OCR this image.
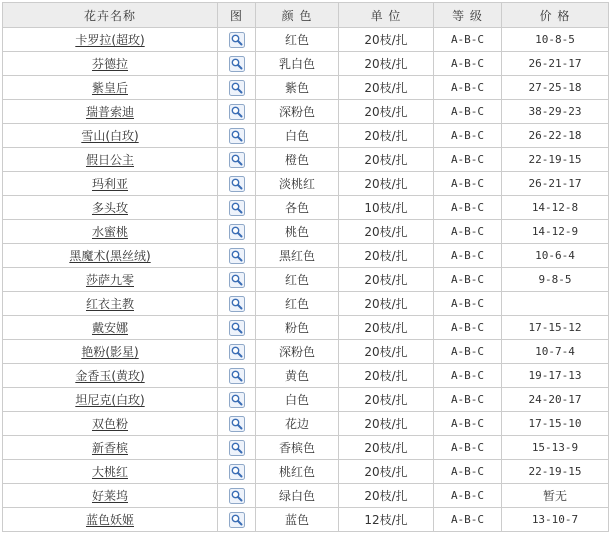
花卉名称	图	颜 色	单 位	等 级	价 格
卡罗拉(超玫)		红色	20枝/扎	A-B-C	10-8-5
芬德拉		乳白色	20枝/扎	A-B-C	26-21-17
紫皇后		紫色	20枝/扎	A-B-C	27-25-18
瑞普索迪		深粉色	20枝/扎	A-B-C	38-29-23
雪山(白玫)		白色	20枝/扎	A-B-C	26-22-18
假日公主		橙色	20枝/扎	A-B-C	22-19-15
玛利亚		淡桃红	20枝/扎	A-B-C	26-21-17
多头玫		各色	10枝/扎	A-B-C	14-12-8
水蜜桃		桃色	20枝/扎	A-B-C	14-12-9
黑魔术(黑丝绒)		黑红色	20枝/扎	A-B-C	10-6-4
莎萨九零		红色	20枝/扎	A-B-C	9-8-5
红衣主教		红色	20枝/扎	A-B-C	
戴安娜		粉色	20枝/扎	A-B-C	17-15-12
艳粉(影星)		深粉色	20枝/扎	A-B-C	10-7-4
金香玉(黄玫)		黄色	20枝/扎	A-B-C	19-17-13
坦尼克(白玫)		白色	20枝/扎	A-B-C	24-20-17
双色粉		花边	20枝/扎	A-B-C	17-15-10
新香槟		香槟色	20枝/扎	A-B-C	15-13-9
大桃红		桃红色	20枝/扎	A-B-C	22-19-15
好莱坞		绿白色	20枝/扎	A-B-C	暂无
蓝色妖姬		蓝色	12枝/扎	A-B-C	13-10-7
